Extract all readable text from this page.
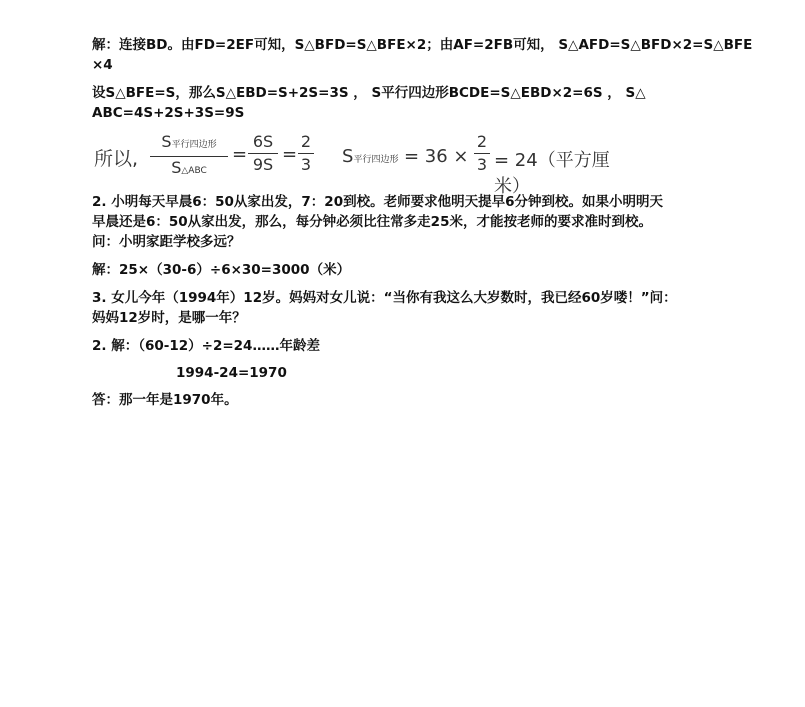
解：连接BD。由FD=2EF可知，S△BFD=S△BFE×2；由AF=2FB可知， S△AFD=S△BFD×2=S△BFE
×4
设S△BFE=S，那么S△EBD=S+2S=3S ， S平行四边形BCDE=S△EBD×2=6S ， S△
ABC=4S+2S+3S=9S
所以,
S平行四边形
S△ABC
=
6S
9S =
2
3 S平行四边形 = 36 ×
2
3 = 24（平方厘米）
2. 小明每天早晨6：50从家出发，7：20到校。老师要求他明天提早6分钟到校。如果小明明天
早晨还是6：50从家出发，那么，每分钟必须比往常多走25米，才能按老师的要求准时到校。
问：小明家距学校多远？
解：25×（30-6）÷6×30=3000（米）
3. 女儿今年（1994年）12岁。妈妈对女儿说：“当你有我这么大岁数时，我已经60岁喽！”问：
妈妈12岁时，是哪一年？
2. 解：（60-12）÷2=24……年龄差
1994-24=1970
答：那一年是1970年。
